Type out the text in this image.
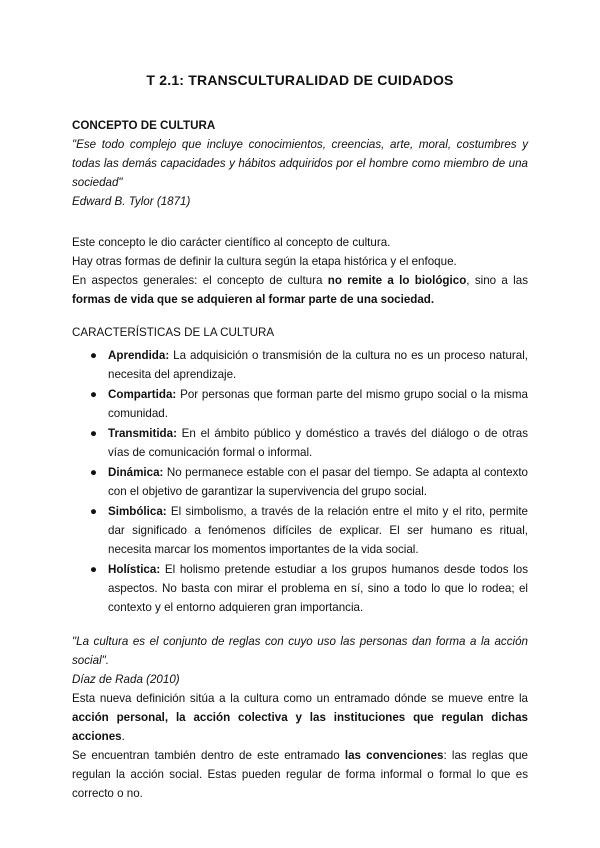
T 2.1: TRANSCULTURALIDAD DE CUIDADOS
CONCEPTO DE CULTURA
"Ese todo complejo que incluye conocimientos, creencias, arte, moral, costumbres y todas las demás capacidades y hábitos adquiridos por el hombre como miembro de una sociedad"
Edward B. Tylor (1871)

Este concepto le dio carácter científico al concepto de cultura.

Hay otras formas de definir la cultura según la etapa histórica y el enfoque.

En aspectos generales: el concepto de cultura no remite a lo biológico, sino a las formas de vida que se adquieren al formar parte de una sociedad.

CARACTERÍSTICAS DE LA CULTURA
● Aprendida: La adquisición o transmisión de la cultura no es un proceso natural, necesita del aprendizaje.
● Compartida: Por personas que forman parte del mismo grupo social o la misma comunidad.
● Transmitida: En el ámbito público y doméstico a través del diálogo o de otras vías de comunicación formal o informal.
● Dinámica: No permanece estable con el pasar del tiempo. Se adapta al contexto con el objetivo de garantizar la supervivencia del grupo social.
● Simbólica: El simbolismo, a través de la relación entre el mito y el rito, permite dar significado a fenómenos difíciles de explicar. El ser humano es ritual, necesita marcar los momentos importantes de la vida social.
● Holística: El holismo pretende estudiar a los grupos humanos desde todos los aspectos. No basta con mirar el problema en sí, sino a todo lo que lo rodea; el contexto y el entorno adquieren gran importancia.
"La cultura es el conjunto de reglas con cuyo uso las personas dan forma a la acción social".
Díaz de Rada (2010)

Esta nueva definición sitúa a la cultura como un entramado dónde se mueve entre la acción personal, la acción colectiva y las instituciones que regulan dichas acciones.

Se encuentran también dentro de este entramado las convenciones: las reglas que regulan la acción social. Estas pueden regular de forma informal o formal lo que es correcto o no.
